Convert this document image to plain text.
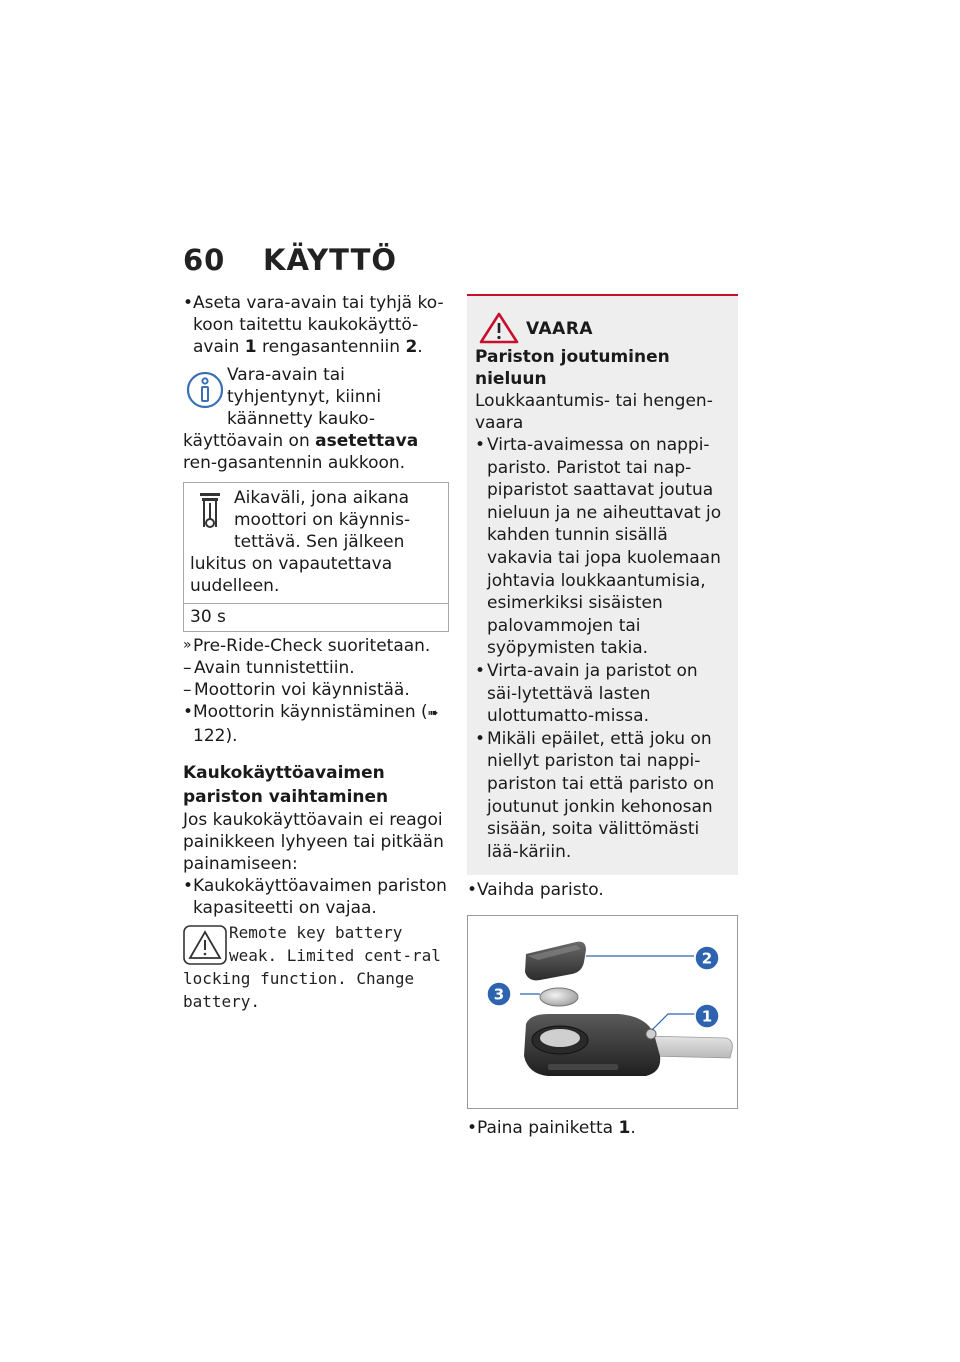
60 KÄYTTÖ

• Aseta vara-avain tai tyhjä ko-koon taitettu kaukokäyttö-avain 1 rengasantenniin 2.

Vara-avain tai tyhjentynyt, kiinni käännetty kauko-käyttöavain on asetettava ren-gasantennin aukkoon.

Aikaväli, jona aikana moottori on käynnis-tettävä. Sen jälkeen lukitus on vapautettava uudelleen.

30 s

» Pre-Ride-Check suoritetaan.

– Avain tunnistettiin.

– Moottorin voi käynnistää.

• Moottorin käynnistäminen (➠ 122).

Kaukokäyttöavaimen pariston vaihtaminen

Jos kaukokäyttöavain ei reagoi painikkeen lyhyeen tai pitkään painamiseen:

• Kaukokäyttöavaimen pariston kapasiteetti on vajaa.

Remote key battery weak. Limited cent-ral locking function. Change battery.

VAARA

Pariston joutuminen nieluun

Loukkaantumis- tai hengen-vaara

• Virta-avaimessa on nappi-paristo. Paristot tai nap-piparistot saattavat joutua nieluun ja ne aiheuttavat jo kahden tunnin sisällä vakavia tai jopa kuolemaan johtavia loukkaantumisia, esimerkiksi sisäisten palovammojen tai syöpymisten takia.

• Virta-avain ja paristot on säi-lytettävä lasten ulottumatto-missa.

• Mikäli epäilet, että joku on niellyt pariston tai nappi-pariston tai että paristo on joutunut jonkin kehonosan sisään, soita välittömästi lää-käriin.

• Vaihda paristo.

2
3
1

• Paina painiketta 1.
